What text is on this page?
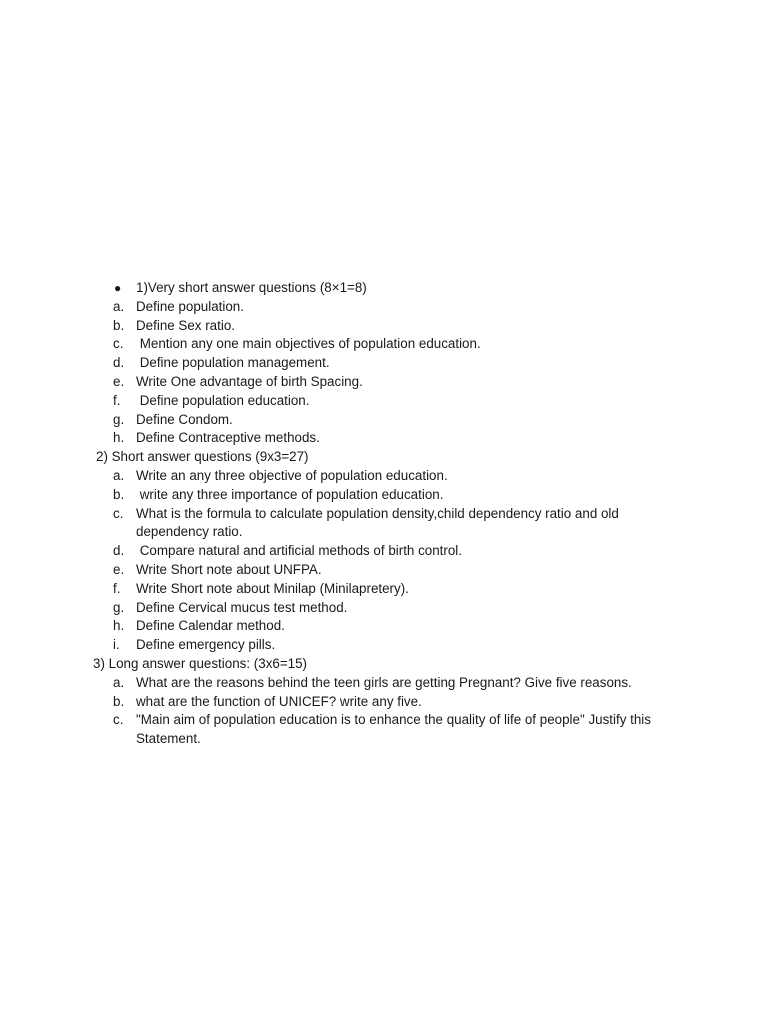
● 1)Very short answer questions (8×1=8)
a. Define population.
b. Define Sex ratio.
c. Mention any one main objectives of population education.
d. Define population management.
e. Write One advantage of birth Spacing.
f. Define population education.
g. Define Condom.
h. Define Contraceptive methods.
2) Short answer questions (9x3=27)
a. Write an any three objective of population education.
b. write any three importance of population education.
c. What is the formula to calculate population density,child dependency ratio and old
dependency ratio.
d. Compare natural and artificial methods of birth control.
e. Write Short note about UNFPA.
f. Write Short note about Minilap (Minilapretery).
g. Define Cervical mucus test method.
h. Define Calendar method.
i. Define emergency pills.
3) Long answer questions: (3x6=15)
a. What are the reasons behind the teen girls are getting Pregnant? Give five reasons.
b. what are the function of UNICEF? write any five.
c. "Main aim of population education is to enhance the quality of life of people" Justify this
Statement.
